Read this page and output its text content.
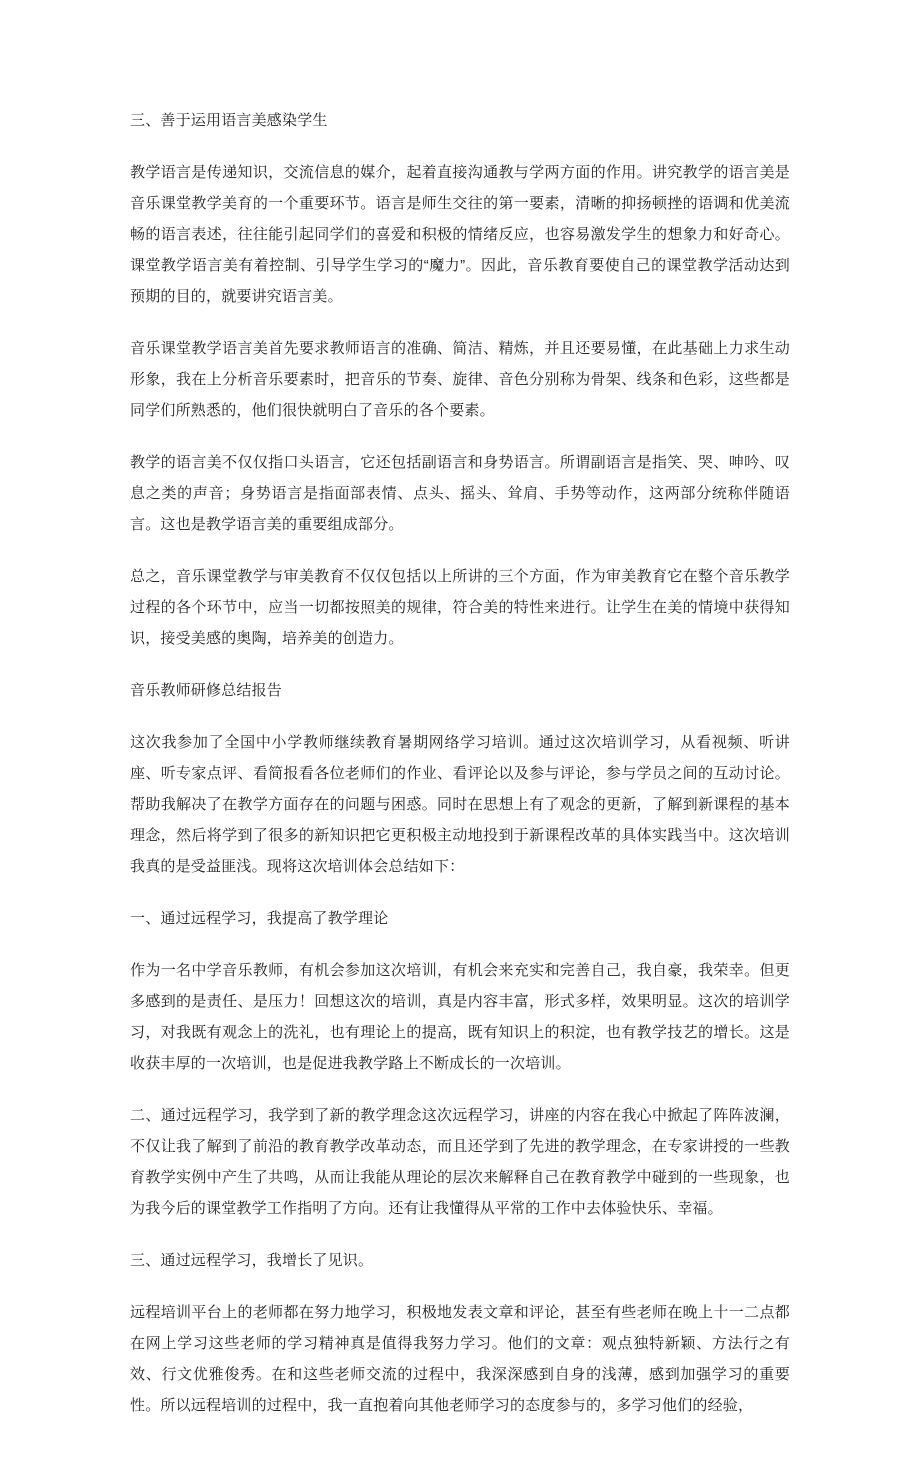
三、善于运用语言美感染学生

教学语言是传递知识，交流信息的媒介，起着直接沟通教与学两方面的作用。讲究教学的语言美是音乐课堂教学美育的一个重要环节。语言是师生交往的第一要素，清晰的抑扬顿挫的语调和优美流畅的语言表述，往往能引起同学们的喜爱和积极的情绪反应，也容易激发学生的想象力和好奇心。课堂教学语言美有着控制、引导学生学习的“魔力”。因此，音乐教育要使自己的课堂教学活动达到预期的目的，就要讲究语言美。

音乐课堂教学语言美首先要求教师语言的准确、简洁、精炼，并且还要易懂，在此基础上力求生动形象，我在上分析音乐要素时，把音乐的节奏、旋律、音色分别称为骨架、线条和色彩，这些都是同学们所熟悉的，他们很快就明白了音乐的各个要素。

教学的语言美不仅仅指口头语言，它还包括副语言和身势语言。所谓副语言是指笑、哭、呻吟、叹息之类的声音；身势语言是指面部表情、点头、摇头、耸肩、手势等动作，这两部分统称伴随语言。这也是教学语言美的重要组成部分。

总之，音乐课堂教学与审美教育不仅仅包括以上所讲的三个方面，作为审美教育它在整个音乐教学过程的各个环节中，应当一切都按照美的规律，符合美的特性来进行。让学生在美的情境中获得知识，接受美感的奥陶，培养美的创造力。

音乐教师研修总结报告

这次我参加了全国中小学教师继续教育暑期网络学习培训。通过这次培训学习，从看视频、听讲座、听专家点评、看简报看各位老师们的作业、看评论以及参与评论，参与学员之间的互动讨论。帮助我解决了在教学方面存在的问题与困惑。同时在思想上有了观念的更新，了解到新课程的基本理念，然后将学到了很多的新知识把它更积极主动地投到于新课程改革的具体实践当中。这次培训我真的是受益匪浅。现将这次培训体会总结如下：

一、通过远程学习，我提高了教学理论

作为一名中学音乐教师，有机会参加这次培训，有机会来充实和完善自己，我自豪，我荣幸。但更多感到的是责任、是压力！回想这次的培训，真是内容丰富，形式多样，效果明显。这次的培训学习，对我既有观念上的洗礼，也有理论上的提高，既有知识上的积淀，也有教学技艺的增长。这是收获丰厚的一次培训，也是促进我教学路上不断成长的一次培训。

二、通过远程学习，我学到了新的教学理念这次远程学习，讲座的内容在我心中掀起了阵阵波澜，不仅让我了解到了前沿的教育教学改革动态，而且还学到了先进的教学理念，在专家讲授的一些教育教学实例中产生了共鸣，从而让我能从理论的层次来解释自己在教育教学中碰到的一些现象，也为我今后的课堂教学工作指明了方向。还有让我懂得从平常的工作中去体验快乐、幸福。

三、通过远程学习，我增长了见识。

远程培训平台上的老师都在努力地学习，积极地发表文章和评论，甚至有些老师在晚上十一二点都在网上学习这些老师的学习精神真是值得我努力学习。他们的文章：观点独特新颖、方法行之有效、行文优雅俊秀。在和这些老师交流的过程中，我深深感到自身的浅薄，感到加强学习的重要性。所以远程培训的过程中，我一直抱着向其他老师学习的态度参与的，多学习他们的经验，
